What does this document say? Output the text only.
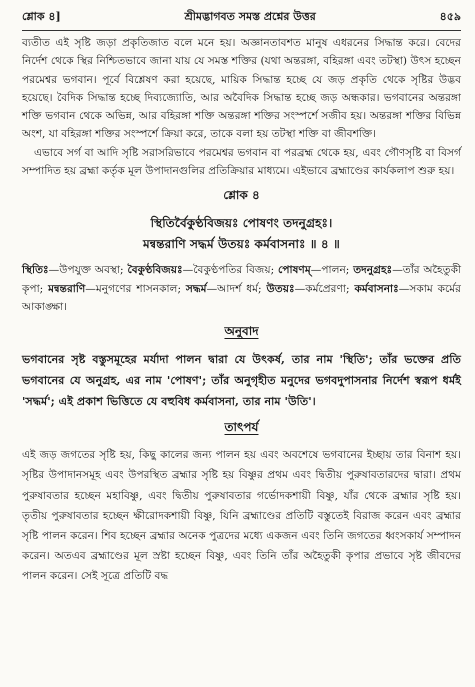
শ্লোক ৪]	শ্রীমদ্ভাগবত সমস্ত প্রশ্নের উত্তর	৪৫৯

ব্যতীত এই সৃষ্টি জড়া প্রকৃতিজাত বলে মনে হয়। অজ্ঞানতাবশত মানুষ এধরনের সিদ্ধান্ত করে। বেদের নির্দেশ থেকে স্থির নিশ্চিতভাবে জানা যায় যে সমস্ত শক্তির (যথা অন্তরঙ্গা, বহিরঙ্গা এবং তটস্থা) উৎস হচ্ছেন পরমেশ্বর ভগবান। পূর্বে বিশ্লেষণ করা হয়েছে, মায়িক সিদ্ধান্ত হচ্ছে যে জড় প্রকৃতি থেকে সৃষ্টির উদ্ভব হয়েছে। বৈদিক সিদ্ধান্ত হচ্ছে দিব্যজ্যোতি, আর অবৈদিক সিদ্ধান্ত হচ্ছে জড় অন্ধকার। ভগবানের অন্তরঙ্গা শক্তি ভগবান থেকে অভিন্ন, আর বহিরঙ্গা শক্তি অন্তরঙ্গা শক্তির সংস্পর্শে সজীব হয়। অন্তরঙ্গা শক্তির বিভিন্ন অংশ, যা বহিরঙ্গা শক্তির সংস্পর্শে ক্রিয়া করে, তাকে বলা হয় তটস্থা শক্তি বা জীবশক্তি।

এভাবে সর্গ বা আদি সৃষ্টি সরাসরিভাবে পরমেশ্বর ভগবান বা পরব্রহ্ম থেকে হয়, এবং গৌণসৃষ্টি বা বিসর্গ সম্পাদিত হয় ব্রহ্মা কর্তৃক মূল উপাদানগুলির প্রতিক্রিয়ার মাধ্যমে। এইভাবে ব্রহ্মাণ্ডের কার্যকলাপ শুরু হয়।

শ্লোক ৪
স্থিতির্বৈকুণ্ঠবিজয়ঃ পোষণং তদনুগ্রহঃ।
মন্বন্তরাণি সদ্ধর্ম উতয়ঃ কর্মবাসনাঃ ॥ ৪ ॥
স্থিতিঃ—উপযুক্ত অবস্থা; বৈকুণ্ঠবিজয়ঃ—বৈকুণ্ঠপতির বিজয়; পোষণম্—পালন; তদনুগ্রহঃ—তাঁর অহৈতুকী কৃপা; মন্বন্তরাণি—মনুগণের শাসনকাল; সদ্ধর্ম—আদর্শ ধর্ম; উতয়ঃ—কর্মপ্রেরণা; কর্মবাসনাঃ—সকাম কর্মের আকাঙ্ক্ষা।
অনুবাদ

ভগবানের সৃষ্ট বস্তুসমূহের মর্যাদা পালন দ্বারা যে উৎকর্ষ, তার নাম 'স্থিতি'; তাঁর ভক্তের প্রতি ভগবানের যে অনুগ্রহ, এর নাম 'পোষণ'; তাঁর অনুগৃহীত মনুদের ভগবদুপাসনার নির্দেশ স্বরূপ ধর্মই 'সদ্ধর্ম'; এই প্রকাশ ভিত্তিতে যে বহুবিধ কর্মবাসনা, তার নাম 'উতি'।

তাৎপর্য

এই জড় জগতের সৃষ্টি হয়, কিছু কালের জন্য পালন হয় এবং অবশেষে ভগবানের ইচ্ছায় তার বিনাশ হয়। সৃষ্টির উপাদানসমূহ এবং উপরস্থিত ব্রহ্মার সৃষ্টি হয় বিষ্ণুর প্রথম এবং দ্বিতীয় পুরুষাবতারদের দ্বারা। প্রথম পুরুষাবতার হচ্ছেন মহাবিষ্ণু, এবং দ্বিতীয় পুরুষাবতার গর্ভোদকশায়ী বিষ্ণু, যাঁর থেকে ব্রহ্মার সৃষ্টি হয়। তৃতীয় পুরুষাবতার হচ্ছেন ক্ষীরোদকশায়ী বিষ্ণু, যিনি ব্রহ্মাণ্ডের প্রতিটি বস্তুতেই বিরাজ করেন এবং ব্রহ্মার সৃষ্টি পালন করেন। শিব হচ্ছেন ব্রহ্মার অনেক পুত্রদের মধ্যে একজন এবং তিনি জগতের ধ্বংসকার্য সম্পাদন করেন। অতএব ব্রহ্মাণ্ডের মূল স্রষ্টা হচ্ছেন বিষ্ণু, এবং তিনি তাঁর অহৈতুকী কৃপার প্রভাবে সৃষ্ট জীবদের পালন করেন। সেই সূত্রে প্রতিটি বদ্ধ
